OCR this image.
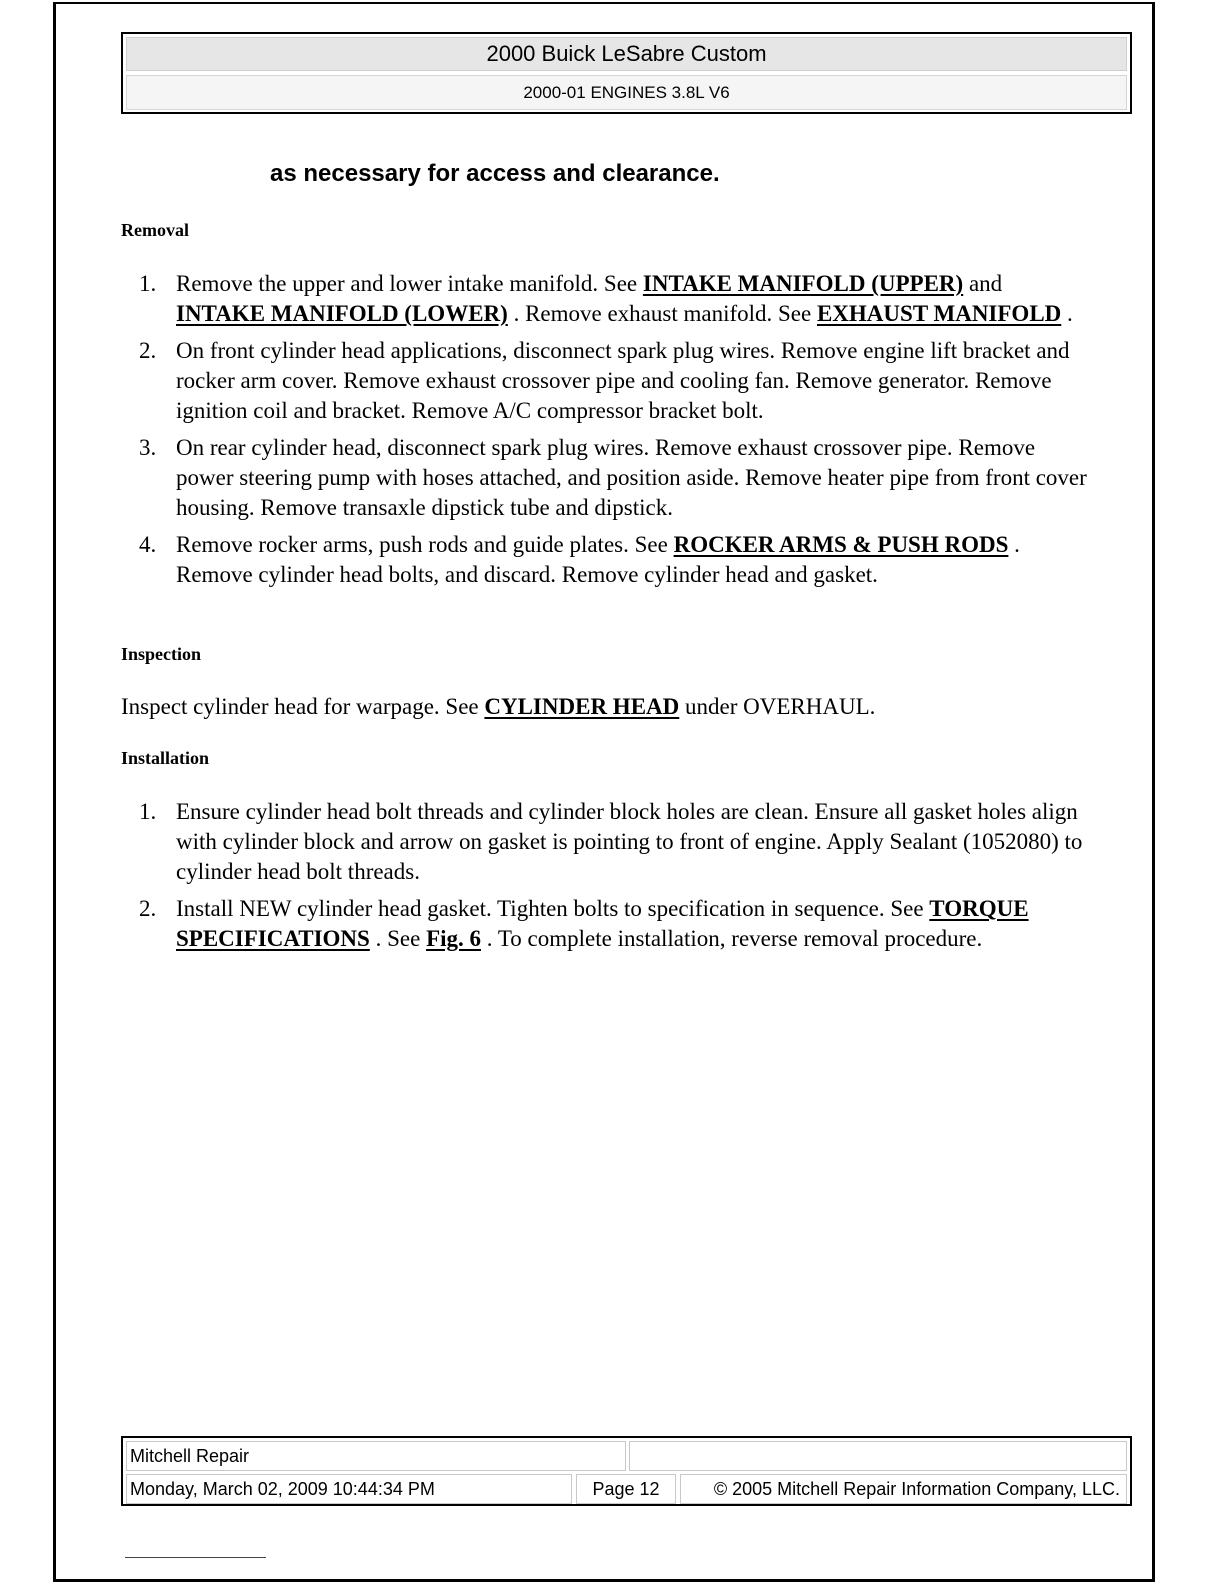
2000 Buick LeSabre Custom
2000-01 ENGINES 3.8L V6
as necessary for access and clearance.
Removal
1. Remove the upper and lower intake manifold. See INTAKE MANIFOLD (UPPER) and INTAKE MANIFOLD (LOWER) . Remove exhaust manifold. See EXHAUST MANIFOLD .
2. On front cylinder head applications, disconnect spark plug wires. Remove engine lift bracket and rocker arm cover. Remove exhaust crossover pipe and cooling fan. Remove generator. Remove ignition coil and bracket. Remove A/C compressor bracket bolt.
3. On rear cylinder head, disconnect spark plug wires. Remove exhaust crossover pipe. Remove power steering pump with hoses attached, and position aside. Remove heater pipe from front cover housing. Remove transaxle dipstick tube and dipstick.
4. Remove rocker arms, push rods and guide plates. See ROCKER ARMS & PUSH RODS . Remove cylinder head bolts, and discard. Remove cylinder head and gasket.
Inspection
Inspect cylinder head for warpage. See CYLINDER HEAD under OVERHAUL.
Installation
1. Ensure cylinder head bolt threads and cylinder block holes are clean. Ensure all gasket holes align with cylinder block and arrow on gasket is pointing to front of engine. Apply Sealant (1052080) to cylinder head bolt threads.
2. Install NEW cylinder head gasket. Tighten bolts to specification in sequence. See TORQUE SPECIFICATIONS . See Fig. 6 . To complete installation, reverse removal procedure.
Mitchell Repair
Monday, March 02, 2009 10:44:34 PM	Page 12	© 2005 Mitchell Repair Information Company, LLC.
